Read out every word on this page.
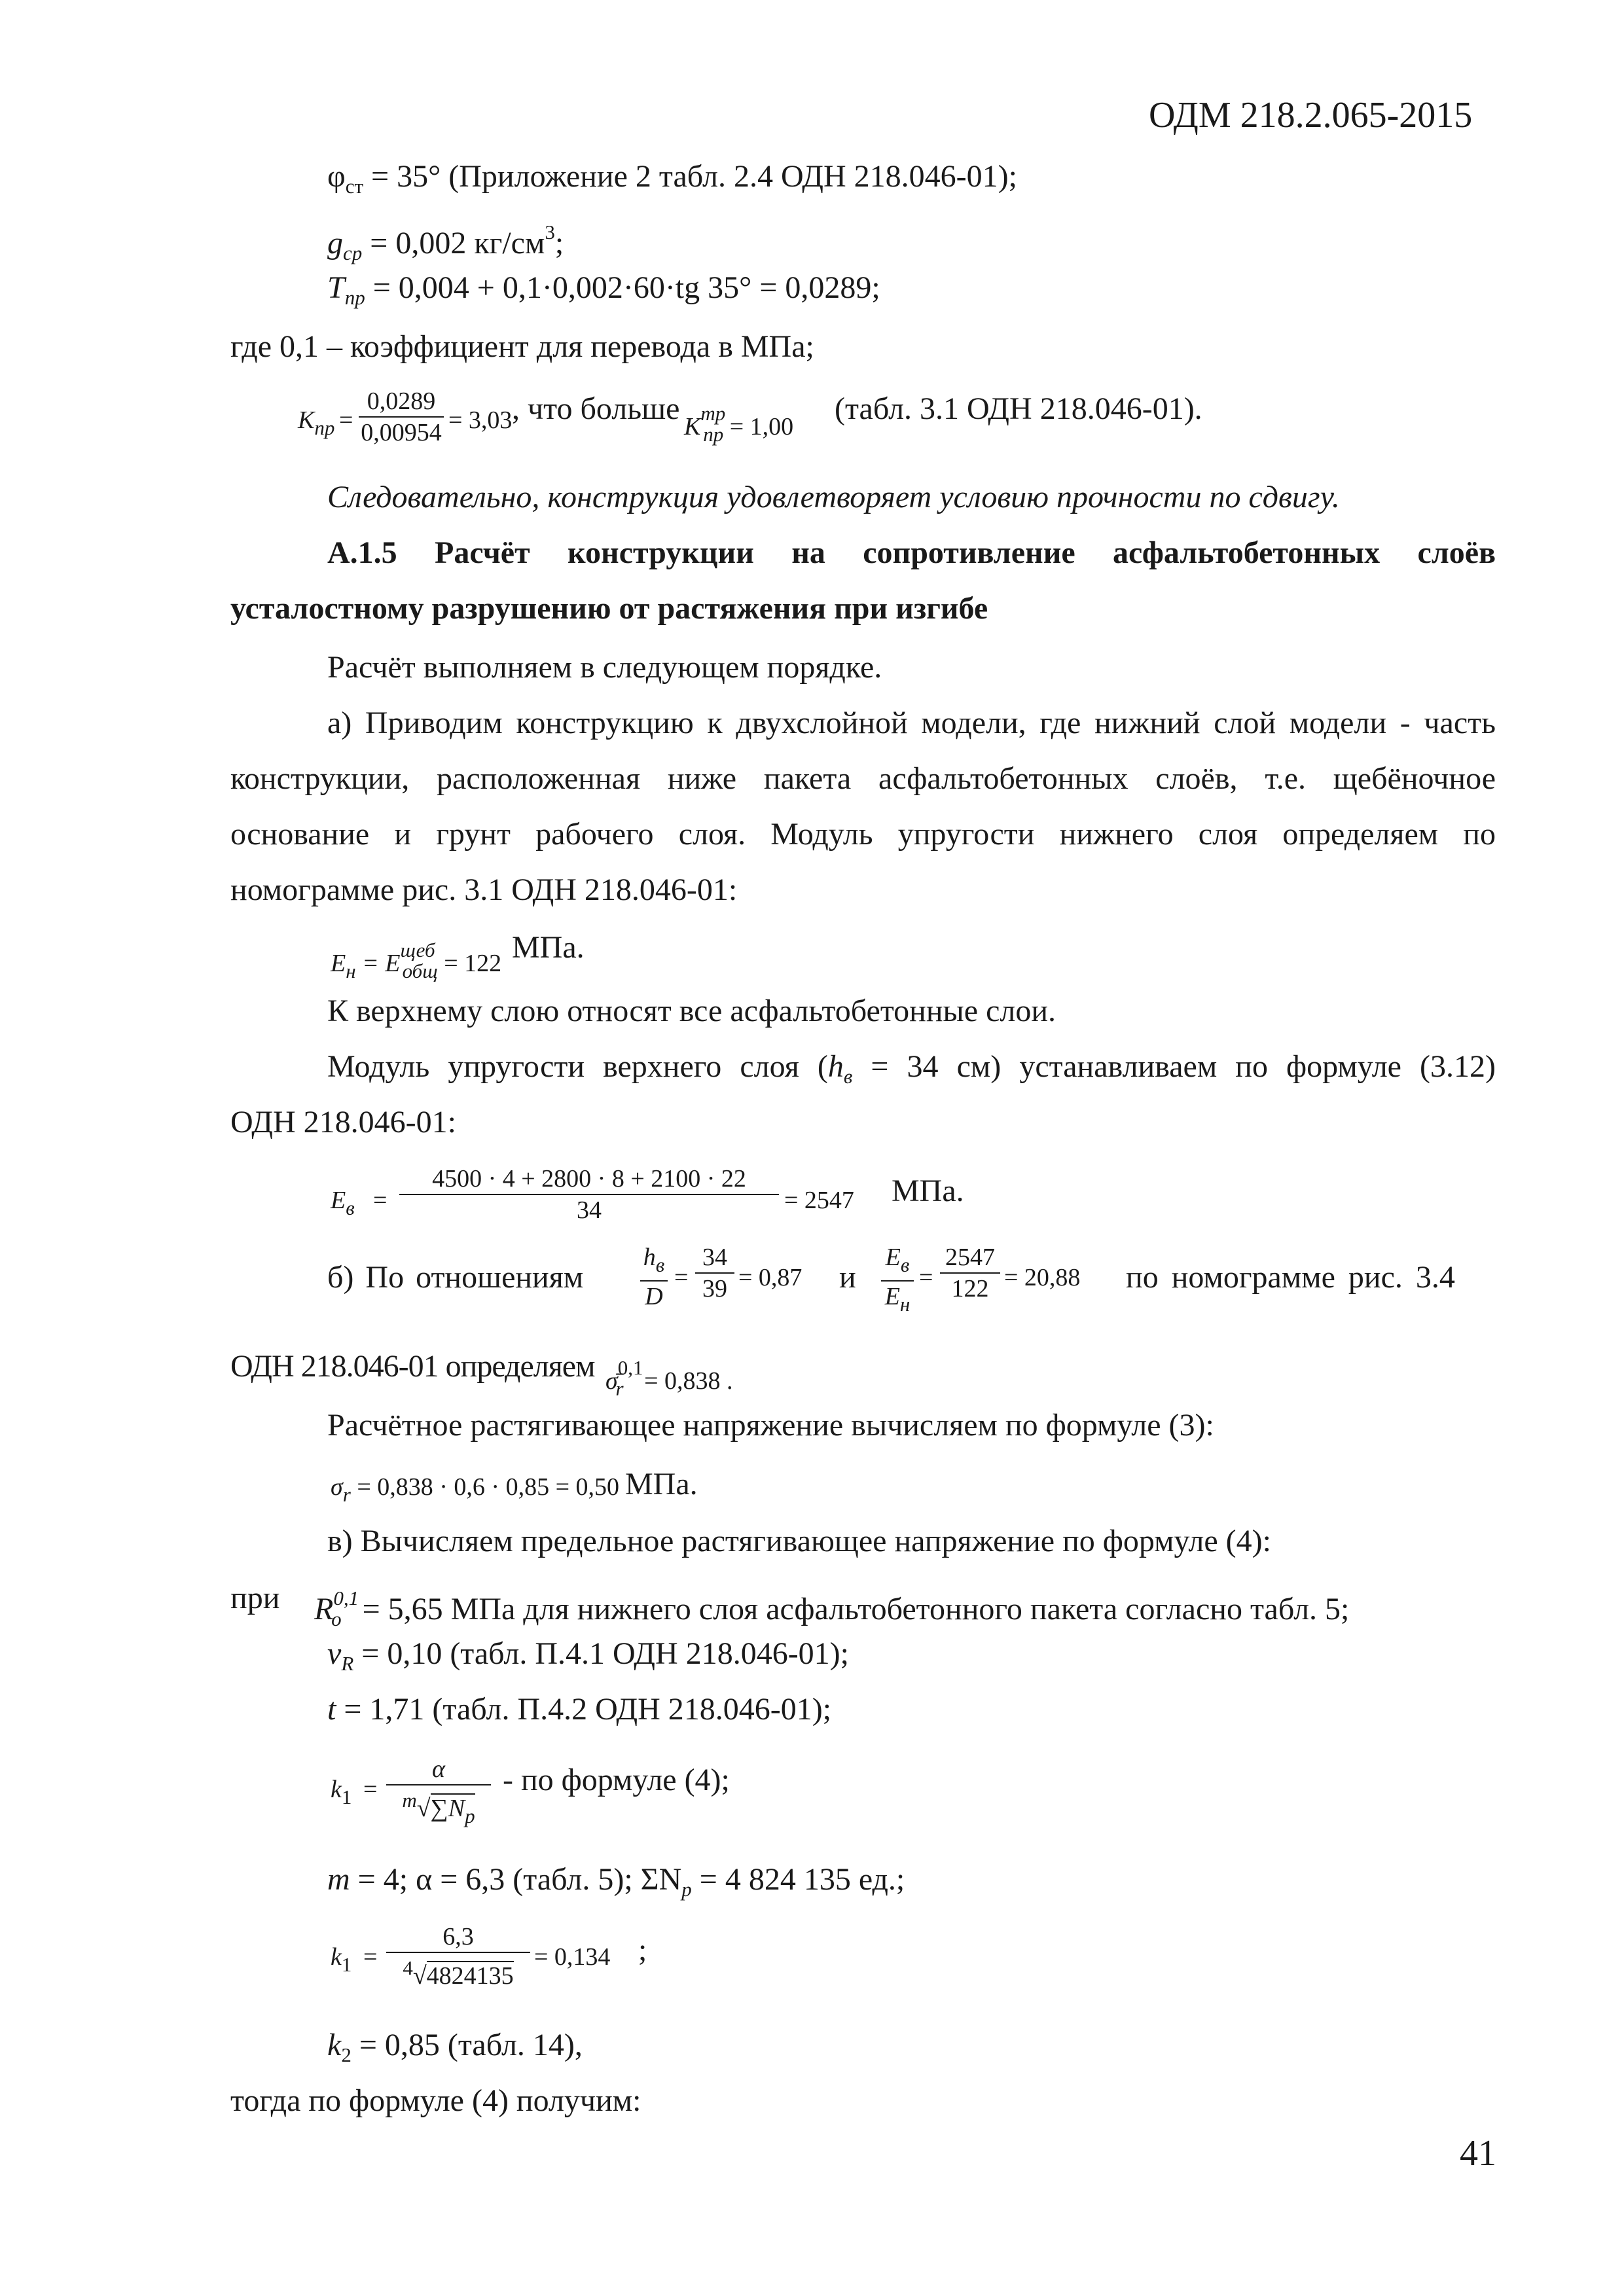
ОДМ 218.2.065-2015
41
$\varphi_{ст} = 35^\circ$ (Приложение 2 табл. 2.4 ОДН 218.046-01);
$g_{ср} = 0,002$ $кг/см^3$;
$T_{пр} = 0,004 + 0,1\cdot 0,002\cdot 60\cdot tg$ 35° = 0,0289;
где 0,1 – коэффициент для перевода в МПа;
$K_{пр}$ =
0,0289
0,00954 = 3,03 , что больше
$K^{тр}_{пр} = 1,00$
(табл. 3.1 ОДН 218.046-01).
Следовательно, конструкция удовлетворяет условию прочности по сдвигу.
А.1.5 Расчёт конструкции на сопротивление асфальтобетонных слоёв
усталостному разрушению от растяжения при изгибе
Расчёт выполняем в следующем порядке.
а) Приводим конструкцию к двухслойной модели, где нижний слой модели - часть
конструкции, расположенная ниже пакета асфальтобетонных слоёв, т.е. щебёночное
основание и грунт рабочего слоя. Модуль упругости нижнего слоя определяем по
номограмме рис. 3.1 ОДН 218.046-01:
$E_н = E^{щеб}_{общ} = 122$ МПа.
К верхнему слою относят все асфальтобетонные слои.
Модуль упругости верхнего слоя ($h_в = 34$ см) устанавливаем по формуле (3.12)
ОДН 218.046-01:
$E_в$ =
4500 · 4 + 2800 · 8 + 2100 · 22
34	= 2547 МПа.
б) По отношениям
$h_в$
D
=
34
39 = 0,87 и
$E_в$
$E_н$
=
2547
122 = 20,88 по номограмме рис. 3.4
ОДН 218.046-01 определяем σ̄$^{0,1}_r$ = 0,838 .
Расчётное растягивающее напряжение вычисляем по формуле (3):
$\sigma_r = 0,838 \cdot 0,6 \cdot 0,85 = 0,50$ МПа.
в) Вычисляем предельное растягивающее напряжение по формуле (4):
при R$^{0,1}_o$ = 5,65 МПа для нижнего слоя асфальтобетонного пакета согласно табл. 5;
$v_R = 0,10$ (табл. П.4.1 ОДН 218.046-01);
t = 1,71 (табл. П.4.2 ОДН 218.046-01);
$k_1$ =
α
$^m√\sum N_p$
- по формуле (4);
m = 4; α = 6,3 (табл. 5); $\Sigma N_p = 4$ 824 135 ед.;
$k_1$ =
6,3
$^4$√4824135
= 0,134 ;
$k_2 = 0,85$ (табл. 14),
тогда по формуле (4) получим:
